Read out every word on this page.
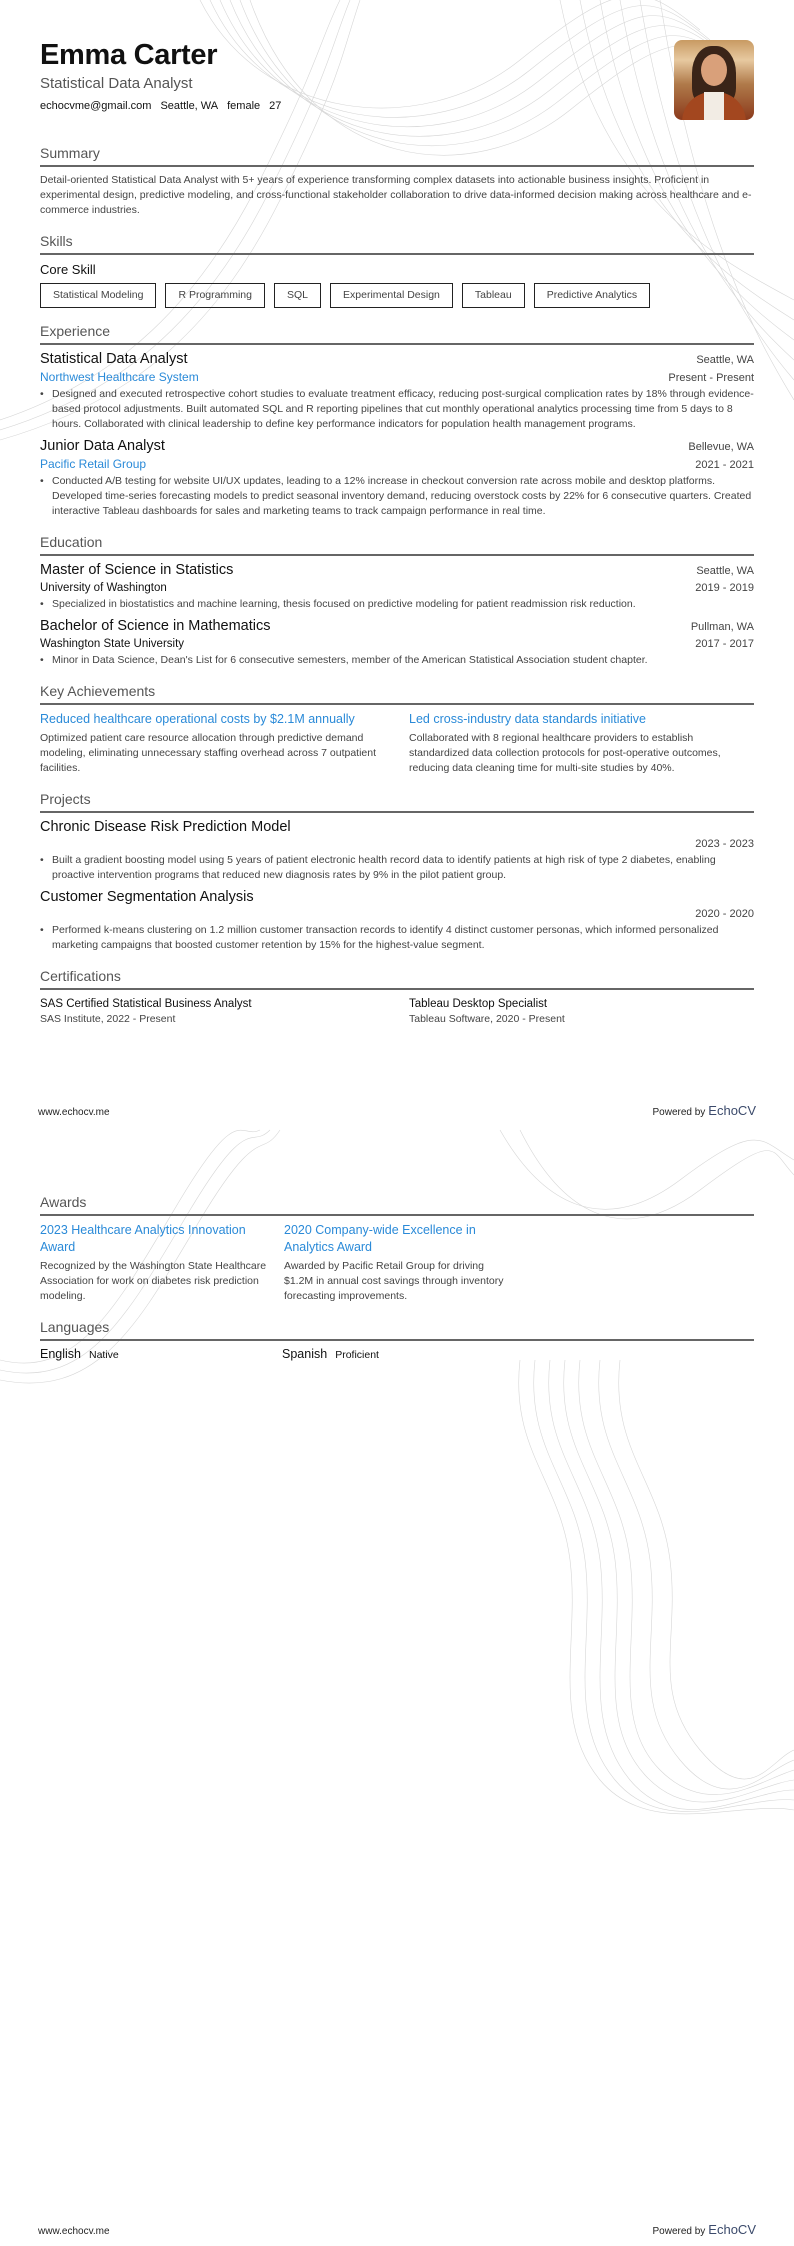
Emma Carter
Statistical Data Analyst
echocvme@gmail.com Seattle, WA female 27
Summary

Detail-oriented Statistical Data Analyst with 5+ years of experience transforming complex datasets into actionable business insights. Proficient in experimental design, predictive modeling, and cross-functional stakeholder collaboration to drive data-informed decision making across healthcare and e-commerce industries.

Skills
Core Skill
Statistical Modeling	R Programming	SQL	Experimental Design	Tableau	Predictive Analytics
Experience
Statistical Data Analyst	Seattle, WA
Northwest Healthcare System	Present - Present
• Designed and executed retrospective cohort studies to evaluate treatment efficacy, reducing post-surgical complication rates by 18% through evidence-based protocol adjustments. Built automated SQL and R reporting pipelines that cut monthly operational analytics processing time from 5 days to 8 hours. Collaborated with clinical leadership to define key performance indicators for population health management programs.
Junior Data Analyst	Bellevue, WA
Pacific Retail Group	2021 - 2021
• Conducted A/B testing for website UI/UX updates, leading to a 12% increase in checkout conversion rate across mobile and desktop platforms. Developed time-series forecasting models to predict seasonal inventory demand, reducing overstock costs by 22% for 6 consecutive quarters. Created interactive Tableau dashboards for sales and marketing teams to track campaign performance in real time.
Education
Master of Science in Statistics	Seattle, WA
University of Washington	2019 - 2019
• Specialized in biostatistics and machine learning, thesis focused on predictive modeling for patient readmission risk reduction.
Bachelor of Science in Mathematics	Pullman, WA
Washington State University	2017 - 2017
• Minor in Data Science, Dean's List for 6 consecutive semesters, member of the American Statistical Association student chapter.
Key Achievements
Reduced healthcare operational costs by $2.1M annually
Optimized patient care resource allocation through predictive demand modeling, eliminating unnecessary staffing overhead across 7 outpatient facilities.
Led cross-industry data standards initiative
Collaborated with 8 regional healthcare providers to establish standardized data collection protocols for post-operative outcomes, reducing data cleaning time for multi-site studies by 40%.
Projects
Chronic Disease Risk Prediction Model
2023 - 2023
• Built a gradient boosting model using 5 years of patient electronic health record data to identify patients at high risk of type 2 diabetes, enabling proactive intervention programs that reduced new diagnosis rates by 9% in the pilot patient group.
Customer Segmentation Analysis
2020 - 2020
• Performed k-means clustering on 1.2 million customer transaction records to identify 4 distinct customer personas, which informed personalized marketing campaigns that boosted customer retention by 15% for the highest-value segment.
Certifications
SAS Certified Statistical Business Analyst
SAS Institute, 2022 - Present
Tableau Desktop Specialist
Tableau Software, 2020 - Present
www.echocv.me	Powered by EchoCV
Awards
2023 Healthcare Analytics Innovation Award
Recognized by the Washington State Healthcare Association for work on diabetes risk prediction modeling.
2020 Company-wide Excellence in Analytics Award
Awarded by Pacific Retail Group for driving $1.2M in annual cost savings through inventory forecasting improvements.
Languages
English Native	Spanish Proficient
www.echocv.me	Powered by EchoCV
